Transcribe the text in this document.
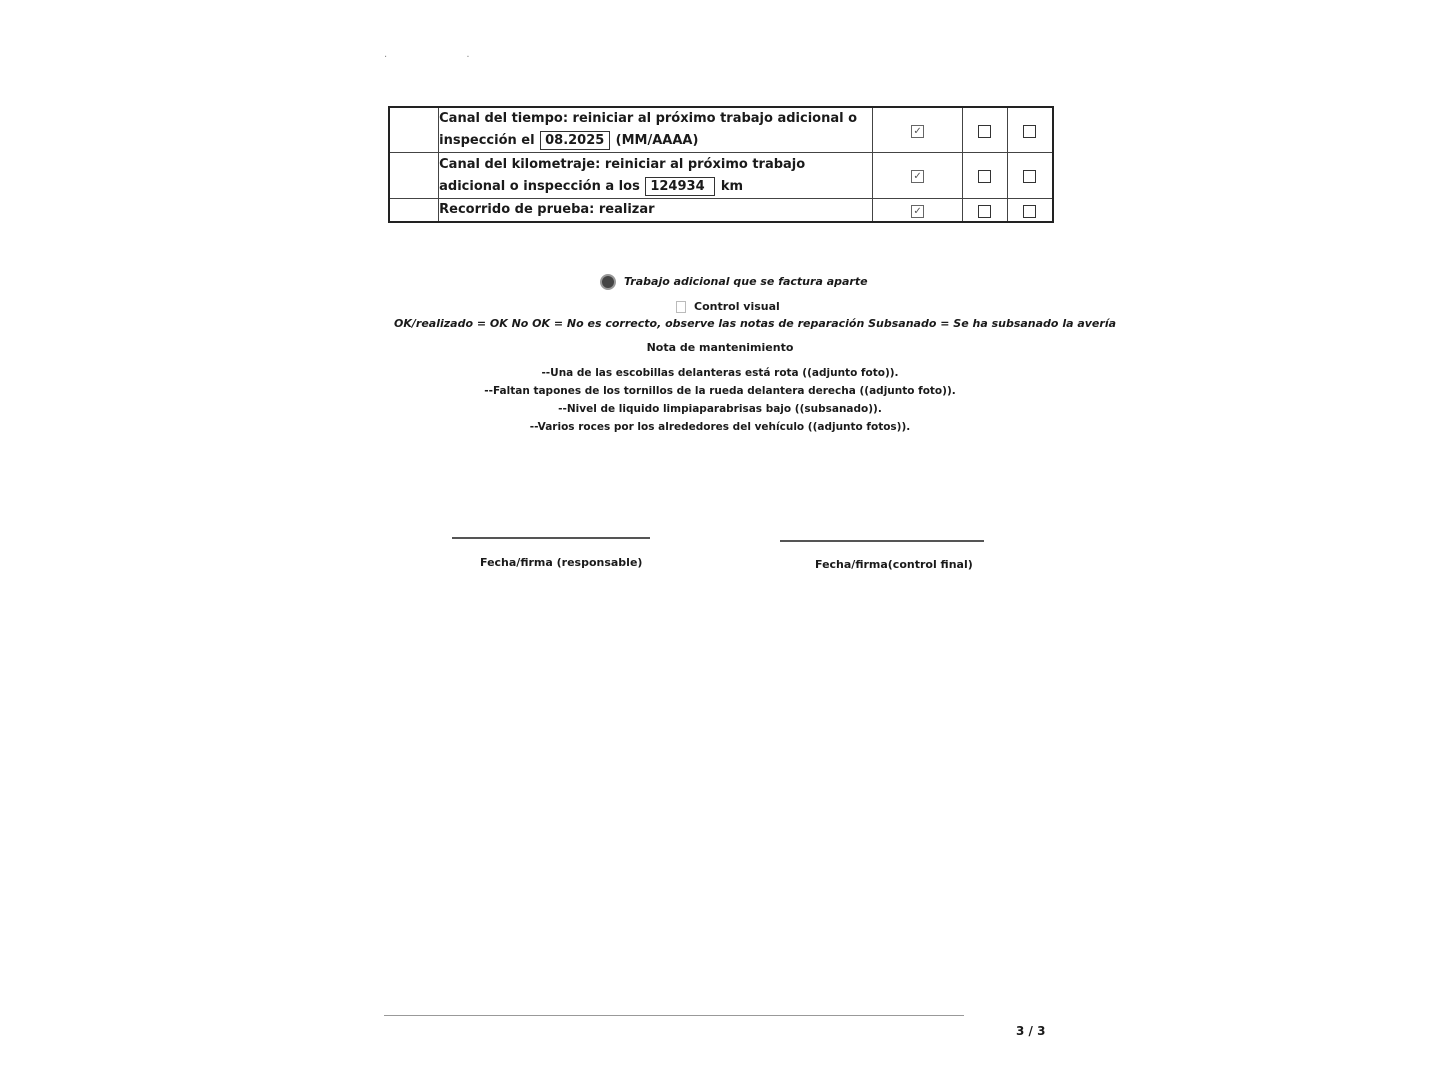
· ·
	Canal del tiempo: reiniciar al próximo trabajo adicional o inspección el 08.2025 (MM/AAAA)	✓		
	Canal del kilometraje: reiniciar al próximo trabajo adicional o inspección a los 124934 km	✓		
	Recorrido de prueba: realizar	✓		
Trabajo adicional que se factura aparte
Control visual
OK/realizado = OK No OK = No es correcto, observe las notas de reparación Subsanado = Se ha subsanado la avería
Nota de mantenimiento
--Una de las escobillas delanteras está rota ((adjunto foto)).
--Faltan tapones de los tornillos de la rueda delantera derecha ((adjunto foto)).
--Nivel de liquido limpiaparabrisas bajo ((subsanado)).
--Varios roces por los alrededores del vehículo ((adjunto fotos)).
Fecha/firma (responsable)	Fecha/firma(control final)
3 / 3
